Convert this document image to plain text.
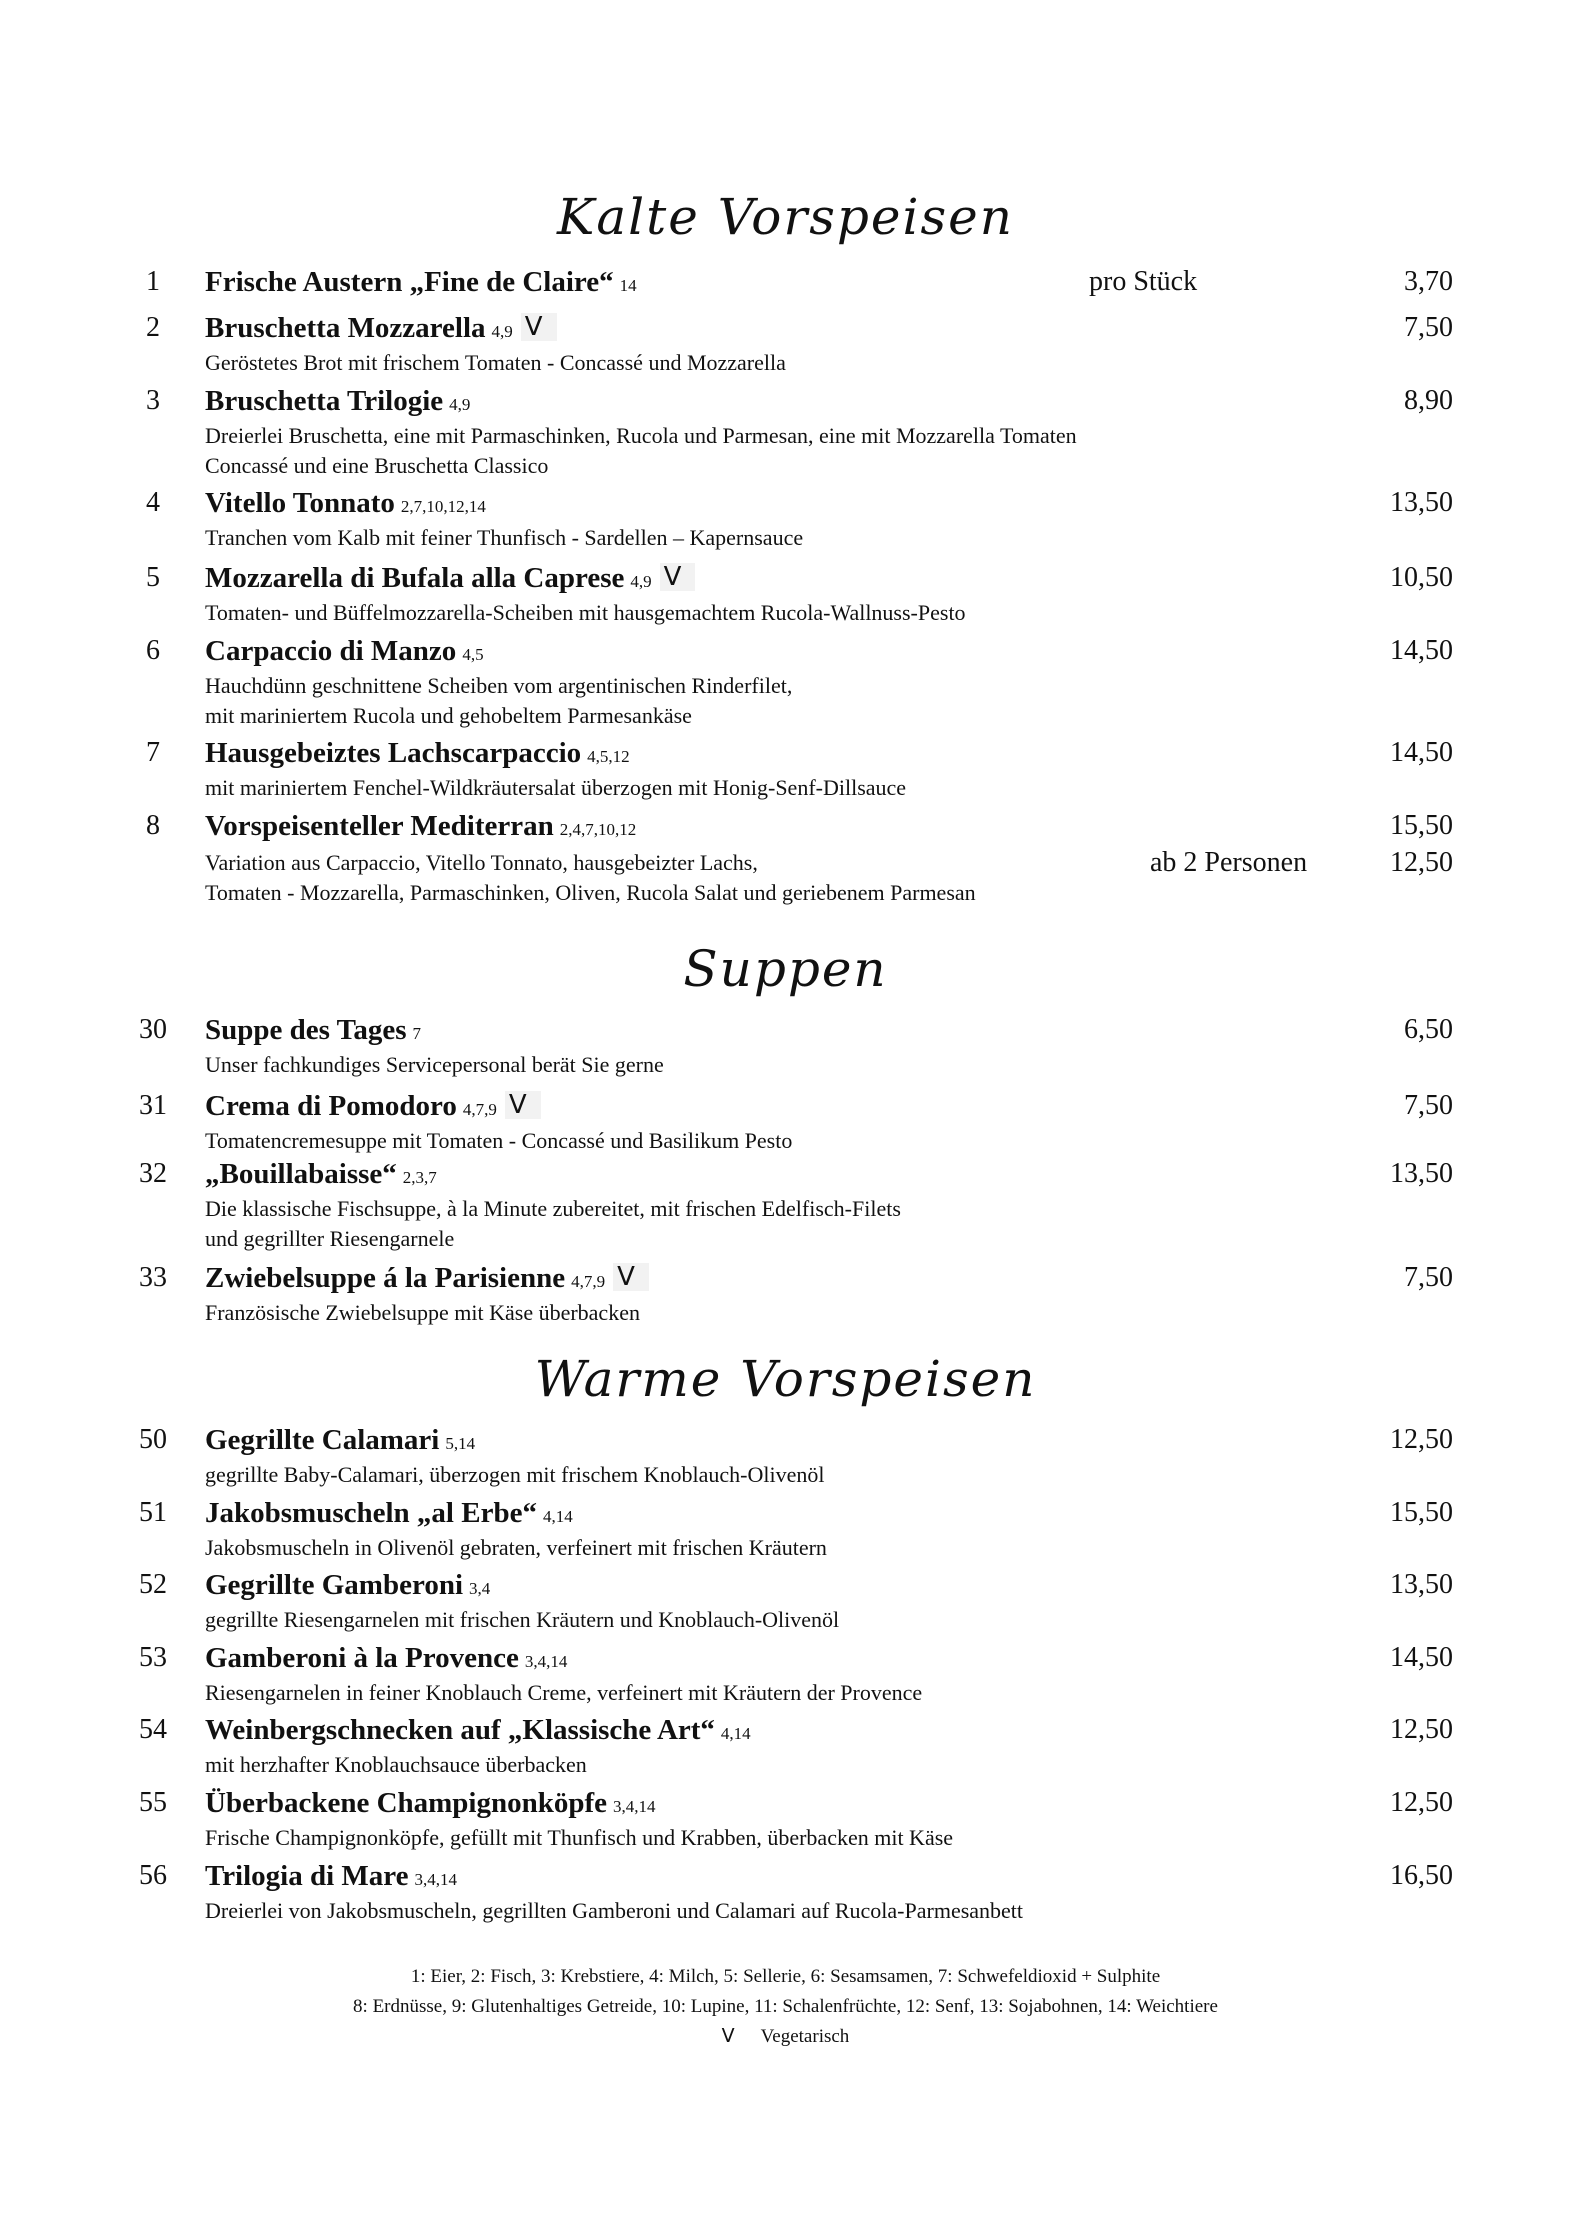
Kalte Vorspeisen
1	Frische Austern „Fine de Claire“ 14	pro Stück	3,70
2	Bruschetta Mozzarella 4,9 Ⅴ	7,50
Geröstetes Brot mit frischem Tomaten - Concassé und Mozzarella
3	Bruschetta Trilogie 4,9	8,90
Dreierlei Bruschetta, eine mit Parmaschinken, Rucola und Parmesan, eine mit Mozzarella Tomaten
Concassé und eine Bruschetta Classico
4	Vitello Tonnato 2,7,10,12,14	13,50
Tranchen vom Kalb mit feiner Thunfisch - Sardellen – Kapernsauce
5	Mozzarella di Bufala alla Caprese 4,9 Ⅴ	10,50
Tomaten- und Büffelmozzarella-Scheiben mit hausgemachtem Rucola-Wallnuss-Pesto
6	Carpaccio di Manzo 4,5	14,50
Hauchdünn geschnittene Scheiben vom argentinischen Rinderfilet,
mit mariniertem Rucola und gehobeltem Parmesankäse
7	Hausgebeiztes Lachscarpaccio 4,5,12	14,50
mit mariniertem Fenchel-Wildkräutersalat überzogen mit Honig-Senf-Dillsauce
8	Vorspeisenteller Mediterran 2,4,7,10,12	15,50
ab 2 Personen	12,50
Variation aus Carpaccio, Vitello Tonnato, hausgebeizter Lachs,
Tomaten - Mozzarella, Parmaschinken, Oliven, Rucola Salat und geriebenem Parmesan
Suppen
30	Suppe des Tages 7	6,50
Unser fachkundiges Servicepersonal berät Sie gerne
31	Crema di Pomodoro 4,7,9 Ⅴ	7,50
Tomatencremesuppe mit Tomaten - Concassé und Basilikum Pesto
32	„Bouillabaisse“ 2,3,7	13,50
Die klassische Fischsuppe, à la Minute zubereitet, mit frischen Edelfisch-Filets
und gegrillter Riesengarnele
33	Zwiebelsuppe á la Parisienne 4,7,9 Ⅴ	7,50
Französische Zwiebelsuppe mit Käse überbacken
Warme Vorspeisen
50	Gegrillte Calamari 5,14	12,50
gegrillte Baby-Calamari, überzogen mit frischem Knoblauch-Olivenöl
51	Jakobsmuscheln „al Erbe“ 4,14	15,50
Jakobsmuscheln in Olivenöl gebraten, verfeinert mit frischen Kräutern
52	Gegrillte Gamberoni 3,4	13,50
gegrillte Riesengarnelen mit frischen Kräutern und Knoblauch-Olivenöl
53	Gamberoni à la Provence 3,4,14	14,50
Riesengarnelen in feiner Knoblauch Creme, verfeinert mit Kräutern der Provence
54	Weinbergschnecken auf „Klassische Art“ 4,14	12,50
mit herzhafter Knoblauchsauce überbacken
55	Überbackene Champignonköpfe 3,4,14	12,50
Frische Champignonköpfe, gefüllt mit Thunfisch und Krabben, überbacken mit Käse
56	Trilogia di Mare 3,4,14	16,50
Dreierlei von Jakobsmuscheln, gegrillten Gamberoni und Calamari auf Rucola-Parmesanbett
1: Eier, 2: Fisch, 3: Krebstiere, 4: Milch, 5: Sellerie, 6: Sesamsamen, 7: Schwefeldioxid + Sulphite
8: Erdnüsse, 9: Glutenhaltiges Getreide, 10: Lupine, 11: Schalenfrüchte, 12: Senf, 13: Sojabohnen, 14: Weichtiere
Ⅴ Vegetarisch
